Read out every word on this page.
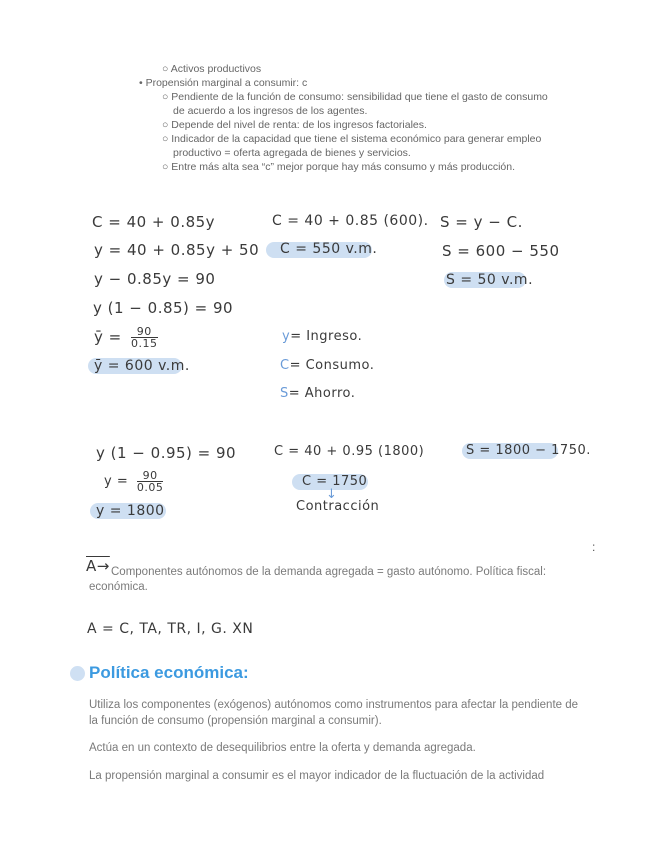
○ Activos productivos
• Propensión marginal a consumir: c
○ Pendiente de la función de consumo: sensibilidad que tiene el gasto de consumo
de acuerdo a los ingresos de los agentes.
○ Depende del nivel de renta: de los ingresos factoriales.
○ Indicador de la capacidad que tiene el sistema económico para generar empleo
productivo = oferta agregada de bienes y servicios.
○ Entre más alta sea “c” mejor porque hay más consumo y más producción.
C = 40 + 0.85y
y = 40 + 0.85y + 50
y − 0.85y = 90
y (1 − 0.85) = 90
ȳ = $\frac{90}{0.15}$
ȳ = 600 v.m.
C = 40 + 0.85 (600).
C = 550 v.m.
S = y − C.
S = 600 − 550
S = 50 v.m.
y= Ingreso.
C= Consumo.
S= Ahorro.
y (1 − 0.95) = 90
$y = \frac{90}{0.05}$
y = 1800
C = 40 + 0.95 (1800)
C = 1750
↓
Contracción
S = 1800 − 1750.
A→ Componentes autónomos de la demanda agregada = gasto autónomo. Política fiscal:
económica.
A = C, TA, TR, I, G. XN
:
Política económica:
Utiliza los componentes (exógenos) autónomos como instrumentos para afectar la pendiente de la función de consumo (propensión marginal a consumir).
Actúa en un contexto de desequilibrios entre la oferta y demanda agregada.
La propensión marginal a consumir es el mayor indicador de la fluctuación de la actividad
